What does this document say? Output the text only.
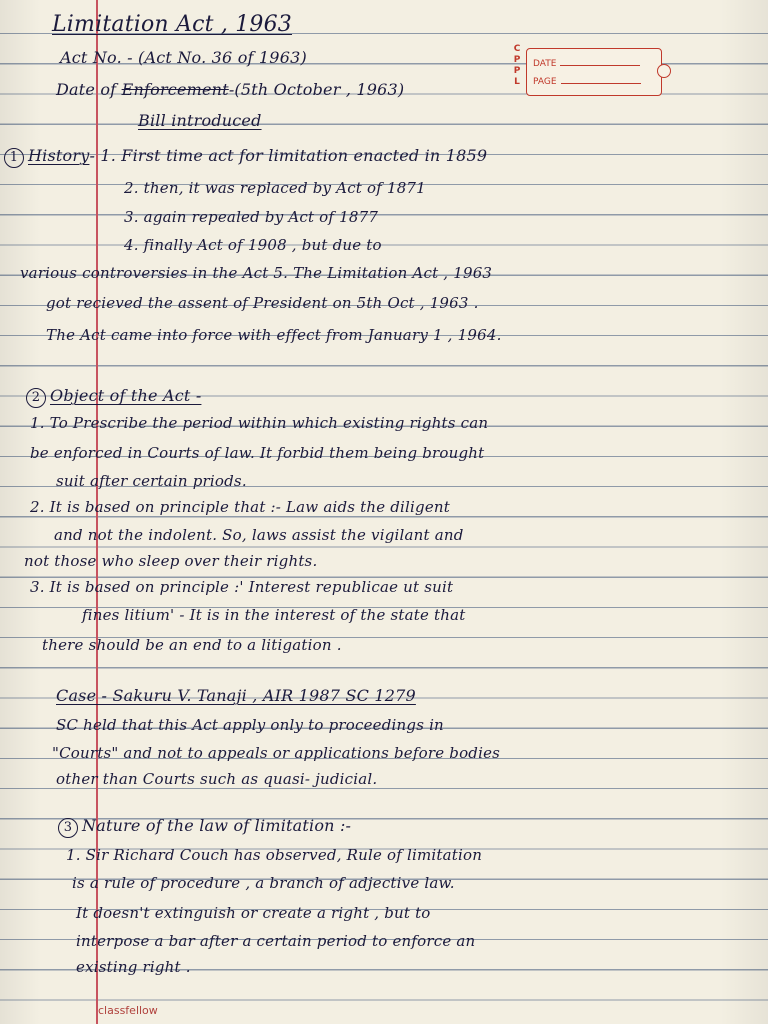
C
P
P
L
DATE
PAGE
Limitation Act , 1963
Act No. - (Act No. 36 of 1963)
Date of Enforcement-(5th October , 1963)
Bill introduced
1 History- 1. First time act for limitation enacted in 1859
2. then, it was replaced by Act of 1871
3. again repealed by Act of 1877
4. finally Act of 1908 , but due to
various controversies in the Act 5. The Limitation Act , 1963
got recieved the assent of President on 5th Oct , 1963 .
The Act came into force with effect from January 1 , 1964.
2 Object of the Act -
1. To Prescribe the period within which existing rights can
be enforced in Courts of law. It forbid them being brought
suit after certain priods.
2. It is based on principle that :- Law aids the diligent
and not the indolent. So, laws assist the vigilant and
not those who sleep over their rights.
3. It is based on principle :' Interest republicae ut suit
fines litium' - It is in the interest of the state that
there should be an end to a litigation .
Case - Sakuru V. Tanaji , AIR 1987 SC 1279
SC held that this Act apply only to proceedings in
"Courts" and not to appeals or applications before bodies
other than Courts such as quasi- judicial.
3 Nature of the law of limitation :-
1. Sir Richard Couch has observed, Rule of limitation
is a rule of procedure , a branch of adjective law.
It doesn't extinguish or create a right , but to
interpose a bar after a certain period to enforce an
existing right .
classfellow
